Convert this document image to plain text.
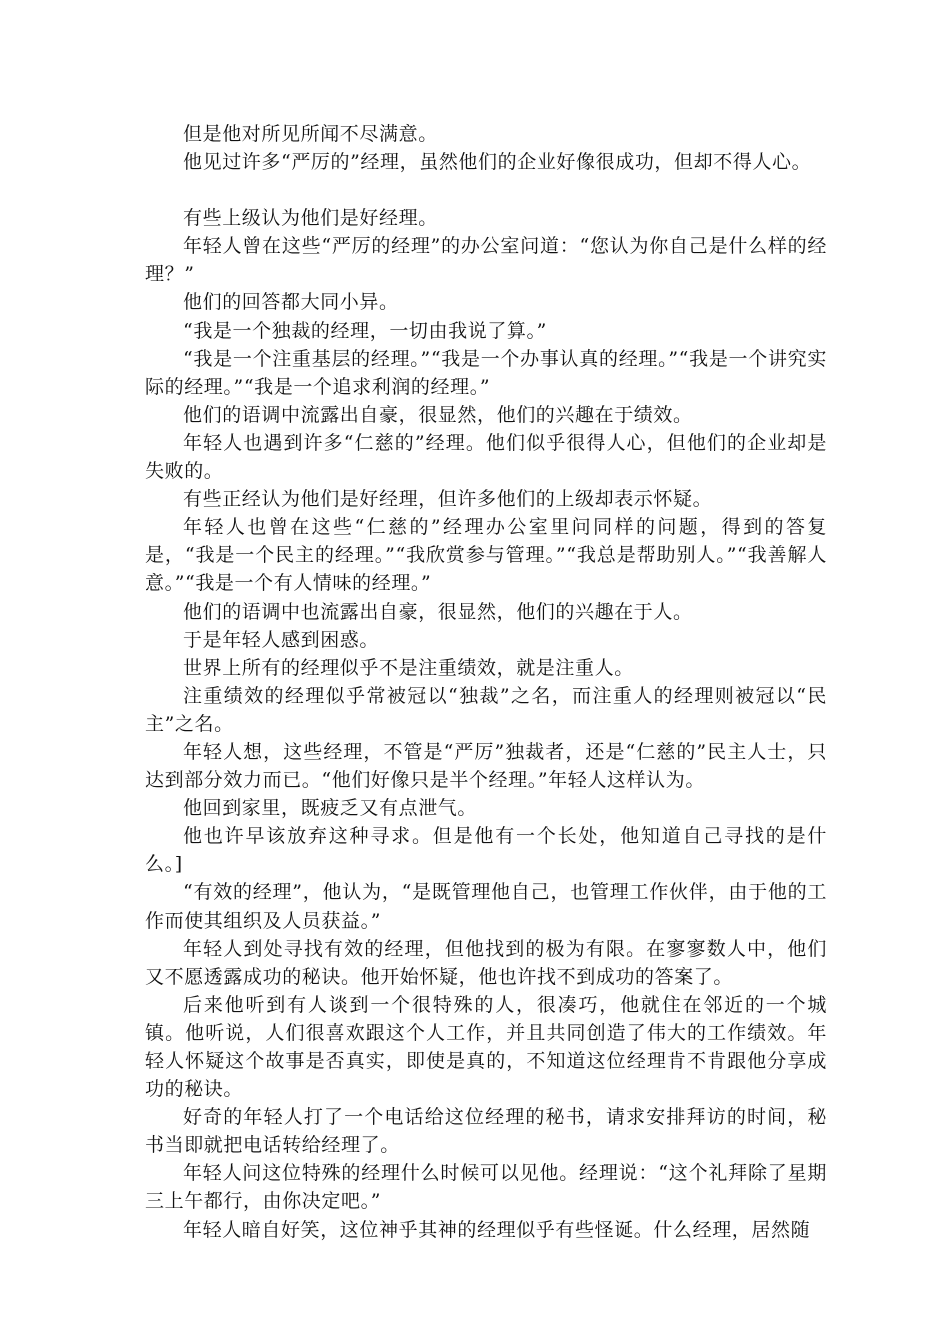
但是他对所见所闻不尽满意。

他见过许多“严厉的”经理，虽然他们的企业好像很成功，但却不得人心。

有些上级认为他们是好经理。

年轻人曾在这些“严厉的经理”的办公室问道：“您认为你自己是什么样的经理？”

他们的回答都大同小异。

“我是一个独裁的经理，一切由我说了算。”

“我是一个注重基层的经理。”“我是一个办事认真的经理。”“我是一个讲究实际的经理。”“我是一个追求利润的经理。”

他们的语调中流露出自豪，很显然，他们的兴趣在于绩效。

年轻人也遇到许多“仁慈的”经理。他们似乎很得人心，但他们的企业却是失败的。

有些正经认为他们是好经理，但许多他们的上级却表示怀疑。

年轻人也曾在这些“仁慈的”经理办公室里问同样的问题，得到的答复是，“我是一个民主的经理。”“我欣赏参与管理。”“我总是帮助别人。”“我善解人意。”“我是一个有人情味的经理。”

他们的语调中也流露出自豪，很显然，他们的兴趣在于人。

于是年轻人感到困惑。

世界上所有的经理似乎不是注重绩效，就是注重人。

注重绩效的经理似乎常被冠以“独裁”之名，而注重人的经理则被冠以“民主”之名。

年轻人想，这些经理，不管是“严厉”独裁者，还是“仁慈的”民主人士，只达到部分效力而已。“他们好像只是半个经理。”年轻人这样认为。

他回到家里，既疲乏又有点泄气。

他也许早该放弃这种寻求。但是他有一个长处，他知道自己寻找的是什么。]

“有效的经理”，他认为，“是既管理他自己，也管理工作伙伴，由于他的工作而使其组织及人员获益。”

年轻人到处寻找有效的经理，但他找到的极为有限。在寥寥数人中，他们又不愿透露成功的秘诀。他开始怀疑，他也许找不到成功的答案了。

后来他听到有人谈到一个很特殊的人，很凑巧，他就住在邻近的一个城镇。他听说，人们很喜欢跟这个人工作，并且共同创造了伟大的工作绩效。年轻人怀疑这个故事是否真实，即使是真的，不知道这位经理肯不肯跟他分享成功的秘诀。

好奇的年轻人打了一个电话给这位经理的秘书，请求安排拜访的时间，秘书当即就把电话转给经理了。

年轻人问这位特殊的经理什么时候可以见他。经理说：“这个礼拜除了星期三上午都行，由你决定吧。”

年轻人暗自好笑，这位神乎其神的经理似乎有些怪诞。什么经理，居然随
